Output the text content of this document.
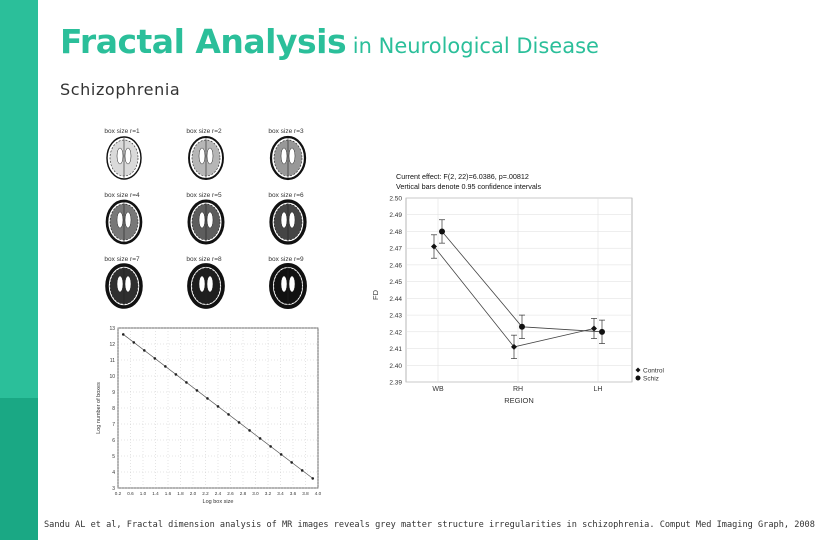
Fractal Analysis in Neurological Disease
Schizophrenia
box size r=1	box size r=2	box size r=3
box size r=4	box size r=5	box size r=6
box size r=7	box size r=8	box size r=9
3
4
5
6
7
8
9
10
11
12
13
0.2 0.6 1.0 1.4 1.6 1.8 2.0 2.2 2.4 2.6 2.8 3.0 3.2 3.4 3.6 3.8 4.0
Log box size
Log number of boxes
Current effect: F(2, 22)=6.0386, p=.00812
Vertical bars denote 0.95 confidence intervals
2.39
2.40
2.41
2.42
2.43
2.44
2.45
2.46
2.47
2.48
2.49
2.50
WB	RH	LH
REGION
FD
Control
Schiz
Sandu AL et al, Fractal dimension analysis of MR images reveals grey matter structure irregularities in schizophrenia. Comput Med Imaging Graph, 2008
